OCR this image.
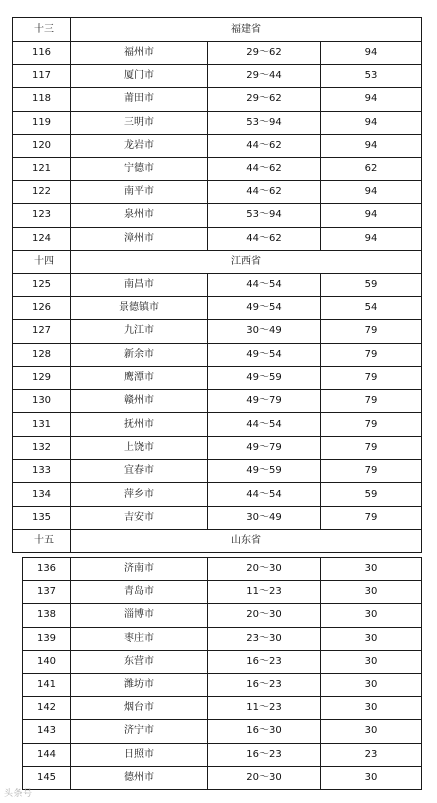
十三	福建省		
116	福州市	29～62	94
117	厦门市	29～44	53
118	莆田市	29～62	94
119	三明市	53～94	94
120	龙岩市	44～62	94
121	宁德市	44～62	62
122	南平市	44～62	94
123	泉州市	53～94	94
124	漳州市	44～62	94
十四	江西省		
125	南昌市	44～54	59
126	景德镇市	49～54	54
127	九江市	30～49	79
128	新余市	49～54	79
129	鹰潭市	49～59	79
130	赣州市	49～79	79
131	抚州市	44～54	79
132	上饶市	49～79	79
133	宜春市	49～59	79
134	萍乡市	44～54	59
135	吉安市	30～49	79
十五	山东省		
136	济南市	20～30	30
137	青岛市	11～23	30
138	淄博市	20～30	30
139	枣庄市	23～30	30
140	东营市	16～23	30
141	潍坊市	16～23	30
142	烟台市	11～23	30
143	济宁市	16～30	30
144	日照市	16～23	23
145	德州市	20～30	30
头条号
